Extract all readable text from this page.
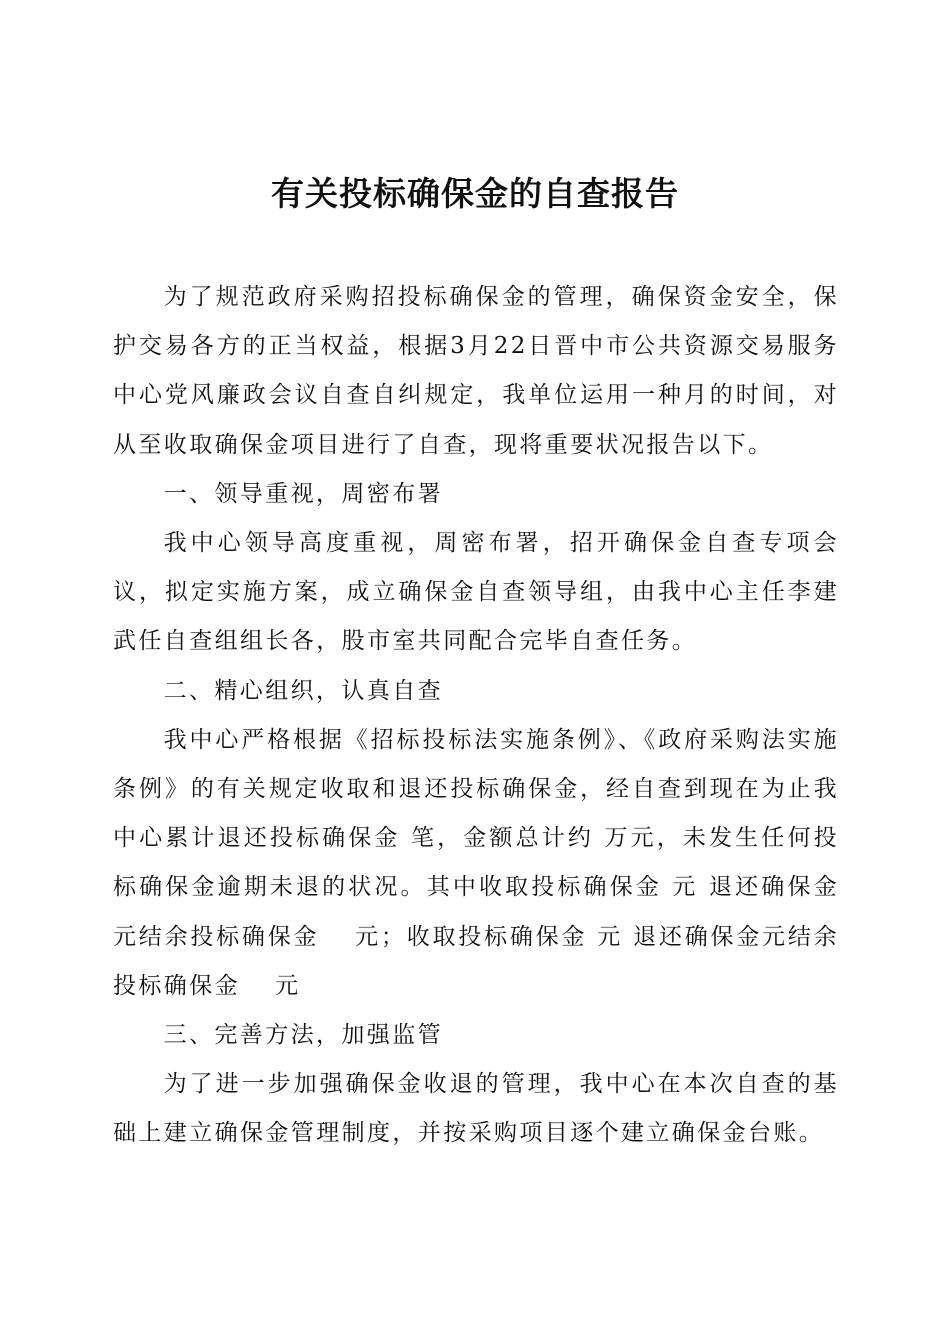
有关投标确保金的自查报告

为了规范政府采购招投标确保金的管理，确保资金安全，保护交易各方的正当权益，根据3月22日晋中市公共资源交易服务中心党风廉政会议自查自纠规定，我单位运用一种月的时间，对从至收取确保金项目进行了自查，现将重要状况报告以下。

一、领导重视，周密布署

我中心领导高度重视，周密布署，招开确保金自查专项会议，拟定实施方案，成立确保金自查领导组，由我中心主任李建武任自查组组长各，股市室共同配合完毕自查任务。

二、精心组织，认真自查

我中心严格根据《招标投标法实施条例》、《政府采购法实施条例》的有关规定收取和退还投标确保金，经自查到现在为止我中心累计退还投标确保金 笔，金额总计约 万元，未发生任何投标确保金逾期未退的状况。其中收取投标确保金 元 退还确保金　元结余投标确保金　 元；收取投标确保金 元 退还确保金元结余投标确保金　 元

三、完善方法，加强监管

为了进一步加强确保金收退的管理，我中心在本次自查的基础上建立确保金管理制度，并按采购项目逐个建立确保金台账。
